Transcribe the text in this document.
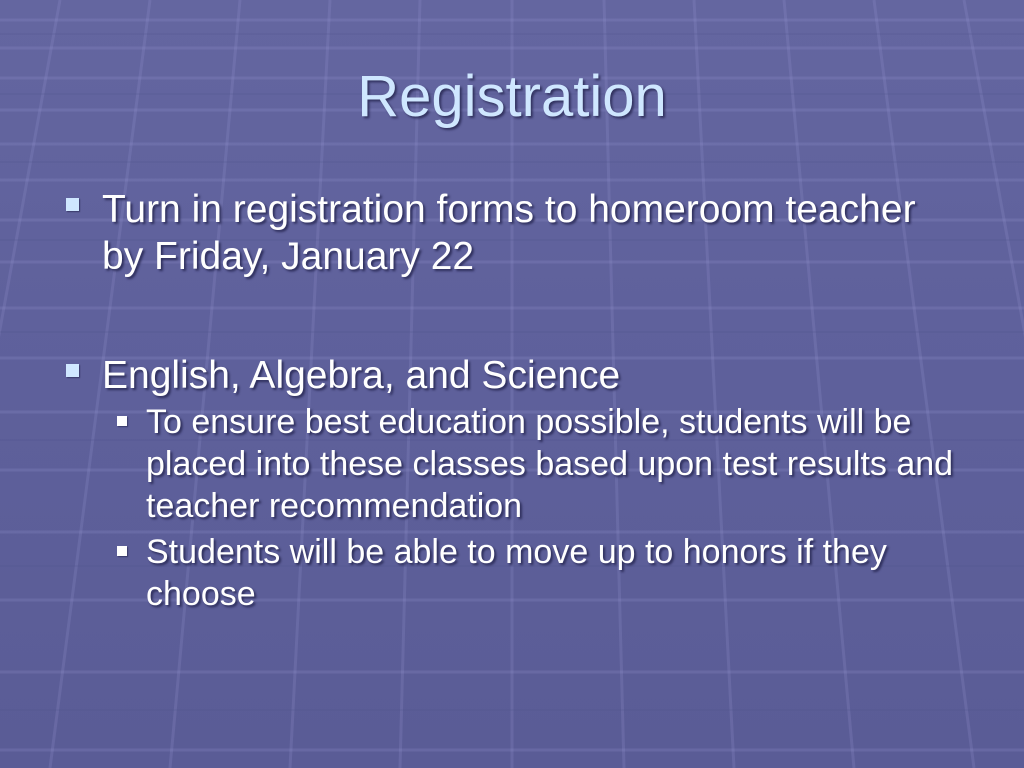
Registration
Turn in registration forms to homeroom teacher by Friday, January 22
English, Algebra, and Science
To ensure best education possible, students will be placed into these classes based upon test results and teacher recommendation
Students will be able to move up to honors if they choose
